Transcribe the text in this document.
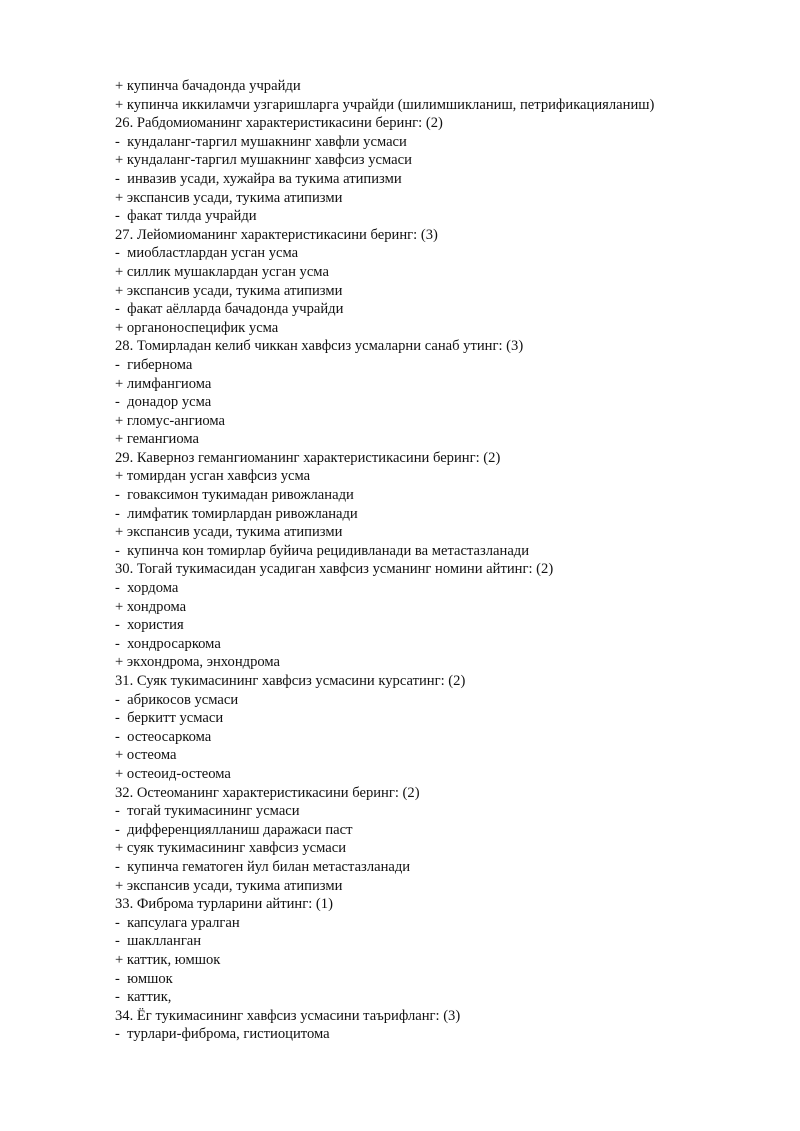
+ купинча бачадонда учрайди
+ купинча иккиламчи узгаришларга учрайди (шилимшикланиш, петрификацияланиш)
26. Рабдомиоманинг характеристикасини беринг: (2)
-  кундаланг-таргил мушакнинг хавфли усмаси
+ кундаланг-таргил мушакнинг хавфсиз усмаси
-  инвазив усади, хужайра ва тукима атипизми
+ экспансив усади, тукима атипизми
-  факат тилда учрайди
27. Лейомиоманинг характеристикасини беринг: (3)
-  миобластлардан усган усма
+ силлик мушаклардан усган усма
+ экспансив усади, тукима атипизми
-  факат аёлларда бачадонда учрайди
+ органоноспецифик усма
28. Томирладан келиб чиккан хавфсиз усмаларни санаб утинг: (3)
-  гибернома
+ лимфангиома
-  донадор усма
+ гломус-ангиома
+ гемангиома
29. Каверноз гемангиоманинг характеристикасини беринг: (2)
+ томирдан усган хавфсиз усма
-  говаксимон тукимадан ривожланади
-  лимфатик томирлардан ривожланади
+ экспансив усади, тукима атипизми
-  купинча кон томирлар буйича рецидивланади ва метастазланади
30. Тогай тукимасидан усадиган хавфсиз усманинг номини айтинг: (2)
-  хордома
+ хондрома
-  хористия
-  хондросаркома
+ экхондрома, энхондрома
31. Суяк тукимасининг хавфсиз усмасини курсатинг: (2)
-  абрикосов усмаси
-  беркитт усмаси
-  остеосаркома
+ остеома
+ остеоид-остеома
32. Остеоманинг характеристикасини беринг: (2)
-  тогай тукимасининг усмаси
-  дифференциялланиш даражаси паст
+ суяк тукимасининг хавфсиз усмаси
-  купинча гематоген йул билан метастазланади
+ экспансив усади, тукима атипизми
33. Фиброма турларини айтинг: (1)
-  капсулага уралган
-  шаклланган
+ каттик, юмшок
-  юмшок
-  каттик,
34. Ёг тукимасининг хавфсиз усмасини таърифланг: (3)
-  турлари-фиброма, гистиоцитома
